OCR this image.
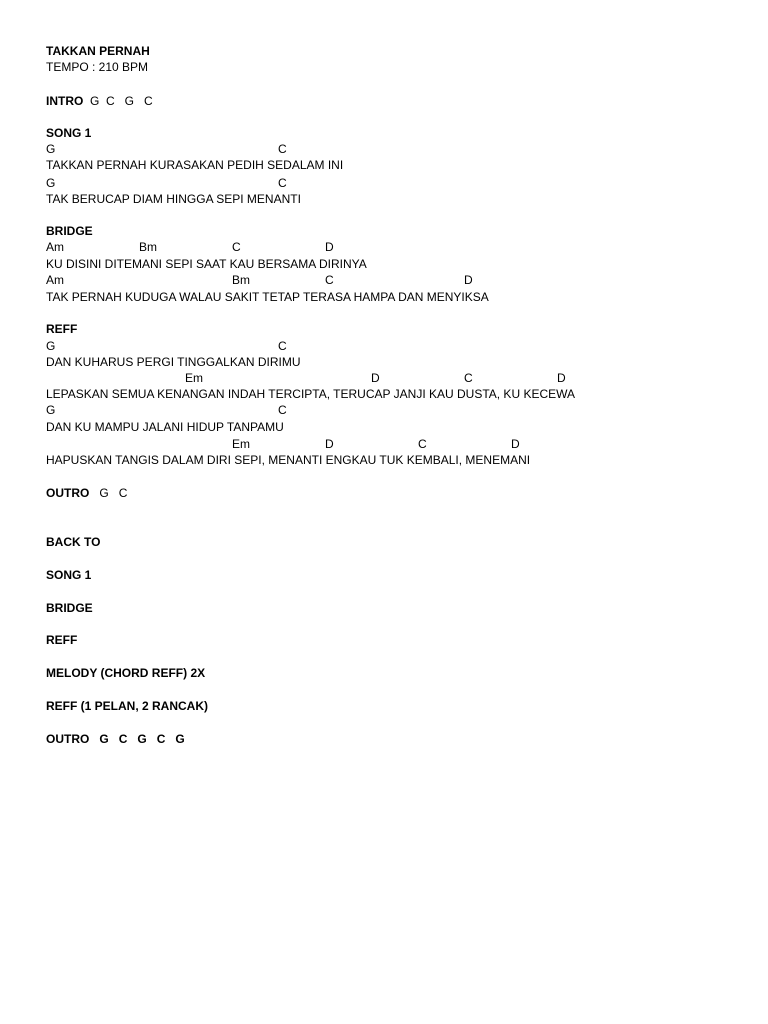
TAKKAN PERNAH
TEMPO : 210 BPM
INTRO G  C   G   C
SONG 1
G	C
TAKKAN PERNAH KURASAKAN PEDIH SEDALAM INI
G	C
TAK BERUCAP DIAM HINGGA SEPI MENANTI
BRIDGE
Am	Bm	C	D
KU DISINI DITEMANI SEPI SAAT KAU BERSAMA DIRINYA
Am	Bm	C	D
TAK PERNAH KUDUGA WALAU SAKIT TETAP TERASA HAMPA DAN MENYIKSA
REFF
G	C
DAN KUHARUS PERGI TINGGALKAN DIRIMU
Em	D	C	D
LEPASKAN SEMUA KENANGAN INDAH TERCIPTA, TERUCAP JANJI KAU DUSTA, KU KECEWA
G	C
DAN KU MAMPU JALANI HIDUP TANPAMU
Em	D	C	D
HAPUSKAN TANGIS DALAM DIRI SEPI, MENANTI ENGKAU TUK KEMBALI, MENEMANI
OUTRO G   C
BACK TO
SONG 1
BRIDGE
REFF
MELODY (CHORD REFF) 2X
REFF (1 PELAN, 2 RANCAK)
OUTRO G   C   G   C   G
